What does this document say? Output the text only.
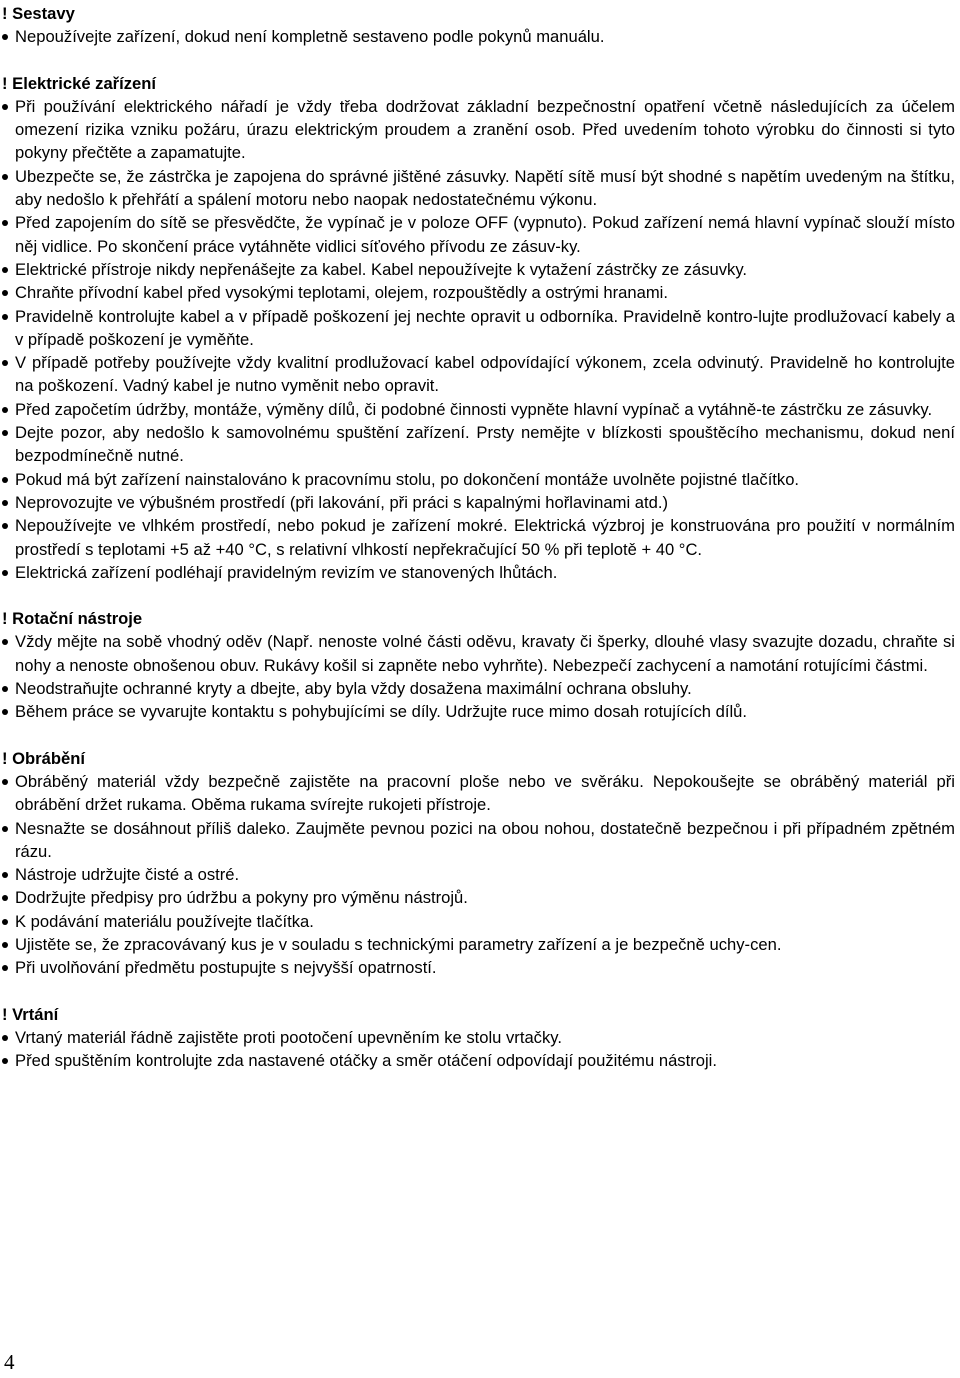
! Sestavy
Nepoužívejte zařízení, dokud není kompletně sestaveno podle pokynů manuálu.
! Elektrické zařízení
Při používání elektrického nářadí je vždy třeba dodržovat základní bezpečnostní opatření včetně následujících za účelem omezení rizika vzniku požáru, úrazu elektrickým proudem a zranění osob. Před uvedením tohoto výrobku do činnosti si tyto pokyny přečtěte a zapamatujte.
Ubezpečte se, že zástrčka je zapojena do správné jištěné zásuvky. Napětí sítě musí být shodné s napětím uvedeným na štítku, aby nedošlo k přehřátí a spálení motoru nebo naopak nedostatečnému výkonu.
Před zapojením do sítě se přesvědčte, že vypínač je v poloze OFF (vypnuto). Pokud zařízení nemá hlavní vypínač slouží místo něj vidlice. Po skončení práce vytáhněte vidlici síťového přívodu ze zásuv-ky.
Elektrické přístroje nikdy nepřenášejte za kabel. Kabel nepoužívejte k vytažení zástrčky ze zásuvky.
Chraňte přívodní kabel před vysokými teplotami, olejem, rozpouštědly a ostrými hranami.
Pravidelně kontrolujte kabel a v případě poškození jej nechte opravit u odborníka. Pravidelně kontro-lujte prodlužovací kabely a v případě poškození je vyměňte.
V případě potřeby používejte vždy kvalitní prodlužovací kabel odpovídající výkonem, zcela odvinutý. Pravidelně ho kontrolujte na poškození. Vadný kabel je nutno vyměnit nebo opravit.
Před započetím údržby, montáže, výměny dílů, či podobné činnosti vypněte hlavní vypínač a vytáhně-te zástrčku ze zásuvky.
Dejte pozor, aby nedošlo k samovolnému spuštění zařízení. Prsty nemějte v blízkosti spouštěcího mechanismu, dokud není bezpodmínečně nutné.
Pokud má být zařízení nainstalováno k pracovnímu stolu, po dokončení montáže uvolněte pojistné tlačítko.
Neprovozujte ve výbušném prostředí (při lakování, při práci s kapalnými hořlavinami atd.)
Nepoužívejte ve vlhkém prostředí, nebo pokud je zařízení mokré. Elektrická výzbroj je konstruována pro použití v normálním prostředí s teplotami +5 až +40 °C, s relativní vlhkostí nepřekračující 50 % při teplotě + 40 °C.
Elektrická zařízení podléhají pravidelným revizím ve stanovených lhůtách.
! Rotační nástroje
Vždy mějte na sobě vhodný oděv (Např. nenoste volné části oděvu, kravaty či šperky, dlouhé vlasy svazujte dozadu, chraňte si nohy a nenoste obnošenou obuv. Rukávy košil si zapněte nebo vyhrňte). Nebezpečí zachycení a namotání rotujícími částmi.
Neodstraňujte ochranné kryty a dbejte, aby byla vždy dosažena maximální ochrana obsluhy.
Během práce se vyvarujte kontaktu s pohybujícími se díly. Udržujte ruce mimo dosah rotujících dílů.
! Obrábění
Obráběný materiál vždy bezpečně zajistěte na pracovní ploše nebo ve svěráku. Nepokoušejte se obráběný materiál při obrábění držet rukama. Oběma rukama svírejte rukojeti přístroje.
Nesnažte se dosáhnout příliš daleko. Zaujměte pevnou pozici na obou nohou, dostatečně bezpečnou i při případném zpětném rázu.
Nástroje udržujte čisté a ostré.
Dodržujte předpisy pro údržbu a pokyny pro výměnu nástrojů.
K podávání materiálu používejte tlačítka.
Ujistěte se, že zpracovávaný kus je v souladu s technickými parametry zařízení a je bezpečně uchy-cen.
Při uvolňování předmětu postupujte s nejvyšší opatrností.
! Vrtání
Vrtaný materiál řádně zajistěte proti pootočení upevněním ke stolu vrtačky.
Před spuštěním kontrolujte zda nastavené otáčky a směr otáčení odpovídají použitému nástroji.
4
